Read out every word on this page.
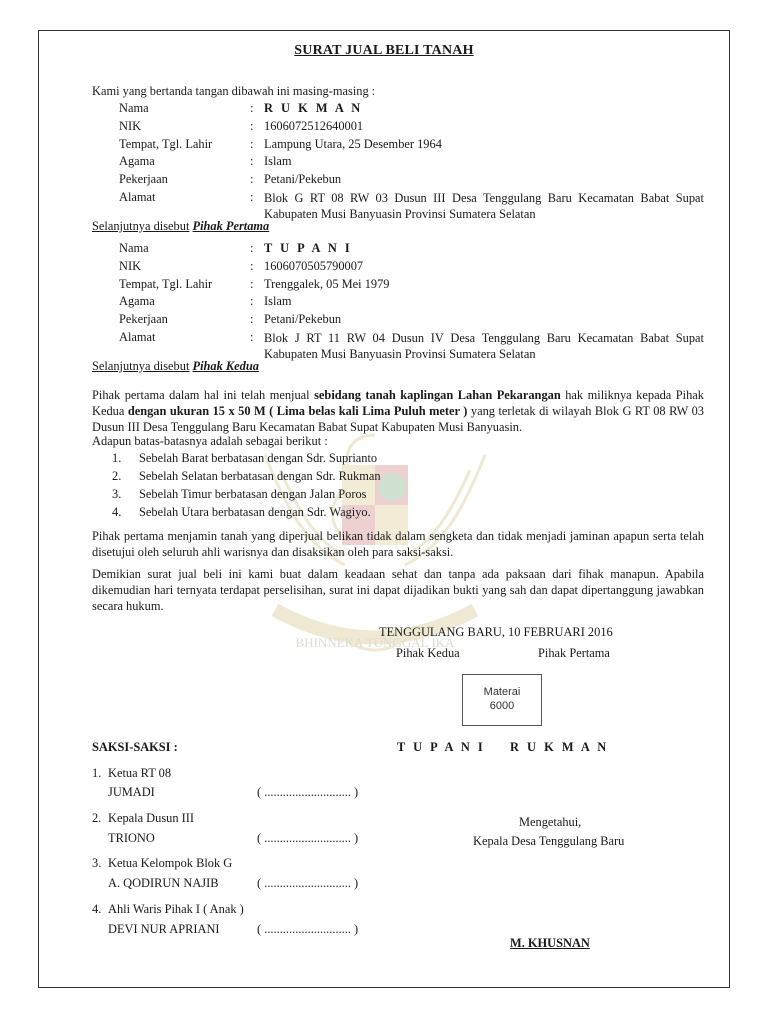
BHINNEKA TUNGGAL IKA
SURAT JUAL BELI TANAH
Kami yang bertanda tangan dibawah ini masing-masing :
Nama	: R U K M A N
NIK	: 1606072512640001
Tempat, Tgl. Lahir	: Lampung Utara, 25 Desember 1964
Agama	: Islam
Pekerjaan	: Petani/Pekebun
Alamat	: Blok G RT 08 RW 03 Dusun III Desa Tenggulang Baru Kecamatan Babat Supat Kabupaten Musi Banyuasin Provinsi Sumatera Selatan
Selanjutnya disebut Pihak Pertama
Nama	: T U P A N I
NIK	: 1606070505790007
Tempat, Tgl. Lahir	: Trenggalek, 05 Mei 1979
Agama	: Islam
Pekerjaan	: Petani/Pekebun
Alamat	: Blok J RT 11 RW 04 Dusun IV Desa Tenggulang Baru Kecamatan Babat Supat Kabupaten Musi Banyuasin Provinsi Sumatera Selatan
Selanjutnya disebut Pihak Kedua
Pihak pertama dalam hal ini telah menjual sebidang tanah kaplingan Lahan Pekarangan hak miliknya kepada Pihak Kedua dengan ukuran 15 x 50 M ( Lima belas kali Lima Puluh meter ) yang terletak di wilayah Blok G RT 08 RW 03 Dusun III Desa Tenggulang Baru Kecamatan Babat Supat Kabupaten Musi Banyuasin.
Adapun batas-batasnya adalah sebagai berikut :
1. Sebelah Barat berbatasan dengan Sdr. Suprianto
2. Sebelah Selatan berbatasan dengan Sdr. Rukman
3. Sebelah Timur berbatasan dengan Jalan Poros
4. Sebelah Utara berbatasan dengan Sdr. Wagiyo.
Pihak pertama menjamin tanah yang diperjual belikan tidak dalam sengketa dan tidak menjadi jaminan apapun serta telah disetujui oleh seluruh ahli warisnya dan disaksikan oleh para saksi-saksi.
Demikian surat jual beli ini kami buat dalam keadaan sehat dan tanpa ada paksaan dari fihak manapun. Apabila dikemudian hari ternyata terdapat perselisihan, surat ini dapat dijadikan bukti yang sah dan dapat dipertanggung jawabkan secara hukum.
TENGGULANG BARU, 10 FEBRUARI 2016
Pihak Kedua	Pihak Pertama
Materai
6000
SAKSI-SAKSI :	T U P A N I R U K M A N
1. Ketua RT 08
JUMADI	( ............................ )
2. Kepala Dusun III
TRIONO	( ............................ )
3. Ketua Kelompok Blok G
A. QODIRUN NAJIB	( ............................ )
4. Ahli Waris Pihak I ( Anak )
DEVI NUR APRIANI	( ............................ )
Mengetahui,
Kepala Desa Tenggulang Baru
M. KHUSNAN
